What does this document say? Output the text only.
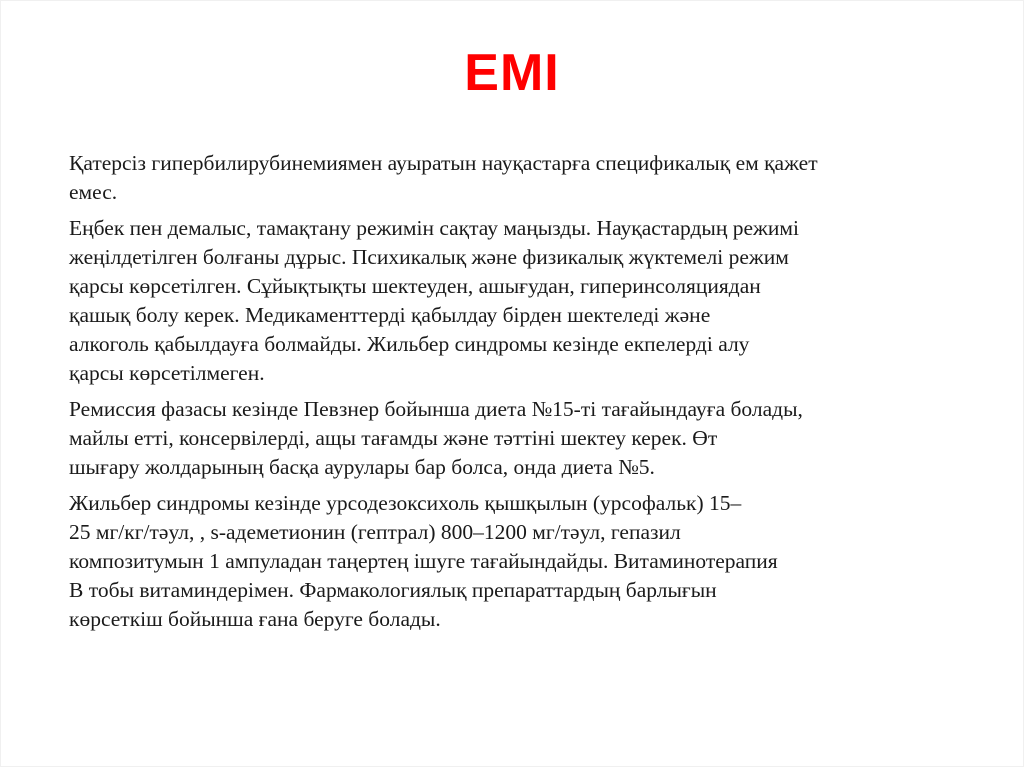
ЕМІ

Қатерсіз гипербилирубинемиямен ауыратын науқастарға спецификалық ем қажет
емес.

Еңбек пен демалыс, тамақтану режимін сақтау маңызды. Науқастардың режимі
жеңілдетілген болғаны дұрыс. Психикалық және физикалық жүктемелі режим
қарсы көрсетілген. Сұйықтықты шектеуден, ашығудан, гиперинсоляциядан
қашық болу керек. Медикаменттерді қабылдау бірден шектеледі және
алкоголь қабылдауға болмайды. Жильбер синдромы кезінде екпелерді алу
қарсы көрсетілмеген.

Ремиссия фазасы кезінде Певзнер бойынша диета №15-ті тағайындауға болады,
майлы етті, консервілерді, ащы тағамды және тәттіні шектеу керек. Өт
шығару жолдарының басқа аурулары бар болса, онда диета №5.

Жильбер синдромы кезінде урсодезоксихоль қышқылын (урсофальк) 15–
25 мг/кг/тәул, , s-адеметионин (гептрал) 800–1200 мг/тәул, гепазил
композитумын 1 ампуладан таңертең ішуге тағайындайды. Витаминотерапия
В тобы витаминдерімен. Фармакологиялық препараттардың барлығын
көрсеткіш бойынша ғана беруге болады.
